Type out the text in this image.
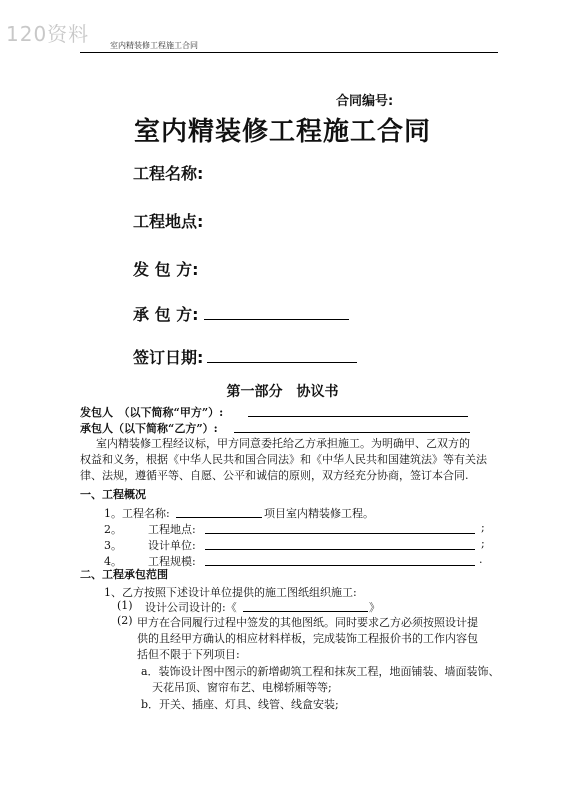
120资料	室内精装修工程施工合同
合同编号:
室内精装修工程施工合同
工程名称:
工程地点:
发 包 方:
承 包 方:
签订日期:
第一部分　协议书
发包人　（以下简称“甲方”）:
承包人（以下简称“乙方”）:
室内精装修工程经议标，甲方同意委托给乙方承担施工。为明确甲、乙双方的
权益和义务，根据《中华人民共和国合同法》和《中华人民共和国建筑法》等有关法
律、法规，遵循平等、自愿、公平和诚信的原则，双方经充分协商，签订本合同.
一、工程概况
1。工程名称:	项目室内精装修工程。
2。 工程地点:	;
3。 设计单位:	;
4。 工程规模:	.
二、工程承包范围
1、乙方按照下述设计单位提供的施工图纸组织施工:
(1) 设计公司设计的:《	》
(2) 甲方在合同履行过程中签发的其他图纸。同时要求乙方必须按照设计提
供的且经甲方确认的相应材料样板，完成装饰工程报价书的工作内容包
括但不限于下列项目:
a．装饰设计图中图示的新增砌筑工程和抹灰工程，地面铺装、墙面装饰、
天花吊顶、窗帘布艺、电梯轿厢等等;
b．开关、插座、灯具、线管、线盒安装;
